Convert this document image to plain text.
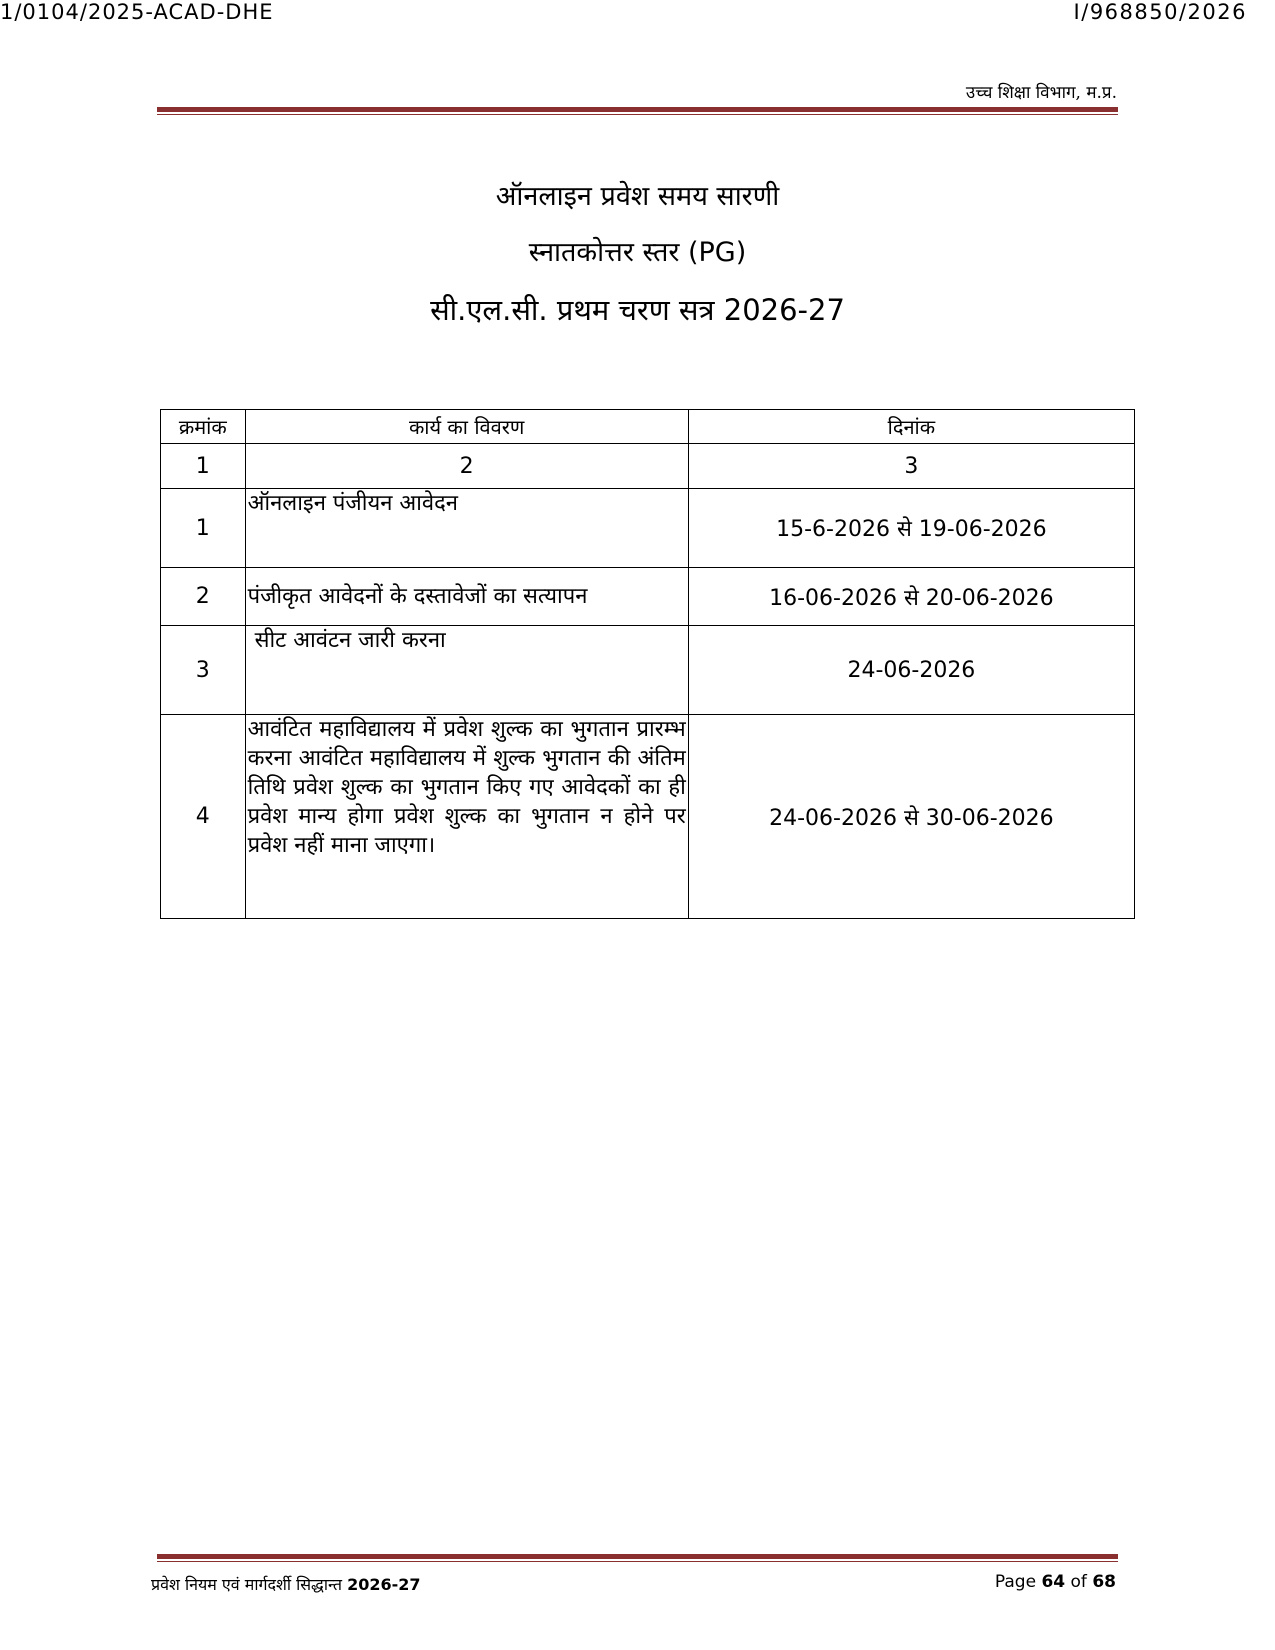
1/0104/2025-ACAD-DHE	I/968850/2026
उच्च शिक्षा विभाग, म.प्र.
ऑनलाइन प्रवेश समय सारणी
स्नातकोत्तर स्तर (PG)
सी.एल.सी. प्रथम चरण सत्र 2026-27
क्रमांक	कार्य का विवरण	दिनांक
1	2	3
1	ऑनलाइन पंजीयन आवेदन	15-6-2026 से 19-06-2026
2	पंजीकृत आवेदनों के दस्तावेजों का सत्यापन	16-06-2026 से 20-06-2026
3	सीट आवंटन जारी करना	24-06-2026
4	आवंटित महाविद्यालय में प्रवेश शुल्क का भुगतान प्रारम्भ करना आवंटित महाविद्यालय में शुल्क भुगतान की अंतिम तिथि प्रवेश शुल्क का भुगतान किए गए आवेदकों का ही प्रवेश मान्य होगा प्रवेश शुल्क का भुगतान न होने पर प्रवेश नहीं माना जाएगा।	24-06-2026 से 30-06-2026
प्रवेश नियम एवं मार्गदर्शी सिद्धान्त 2026-27	Page 64 of 68
